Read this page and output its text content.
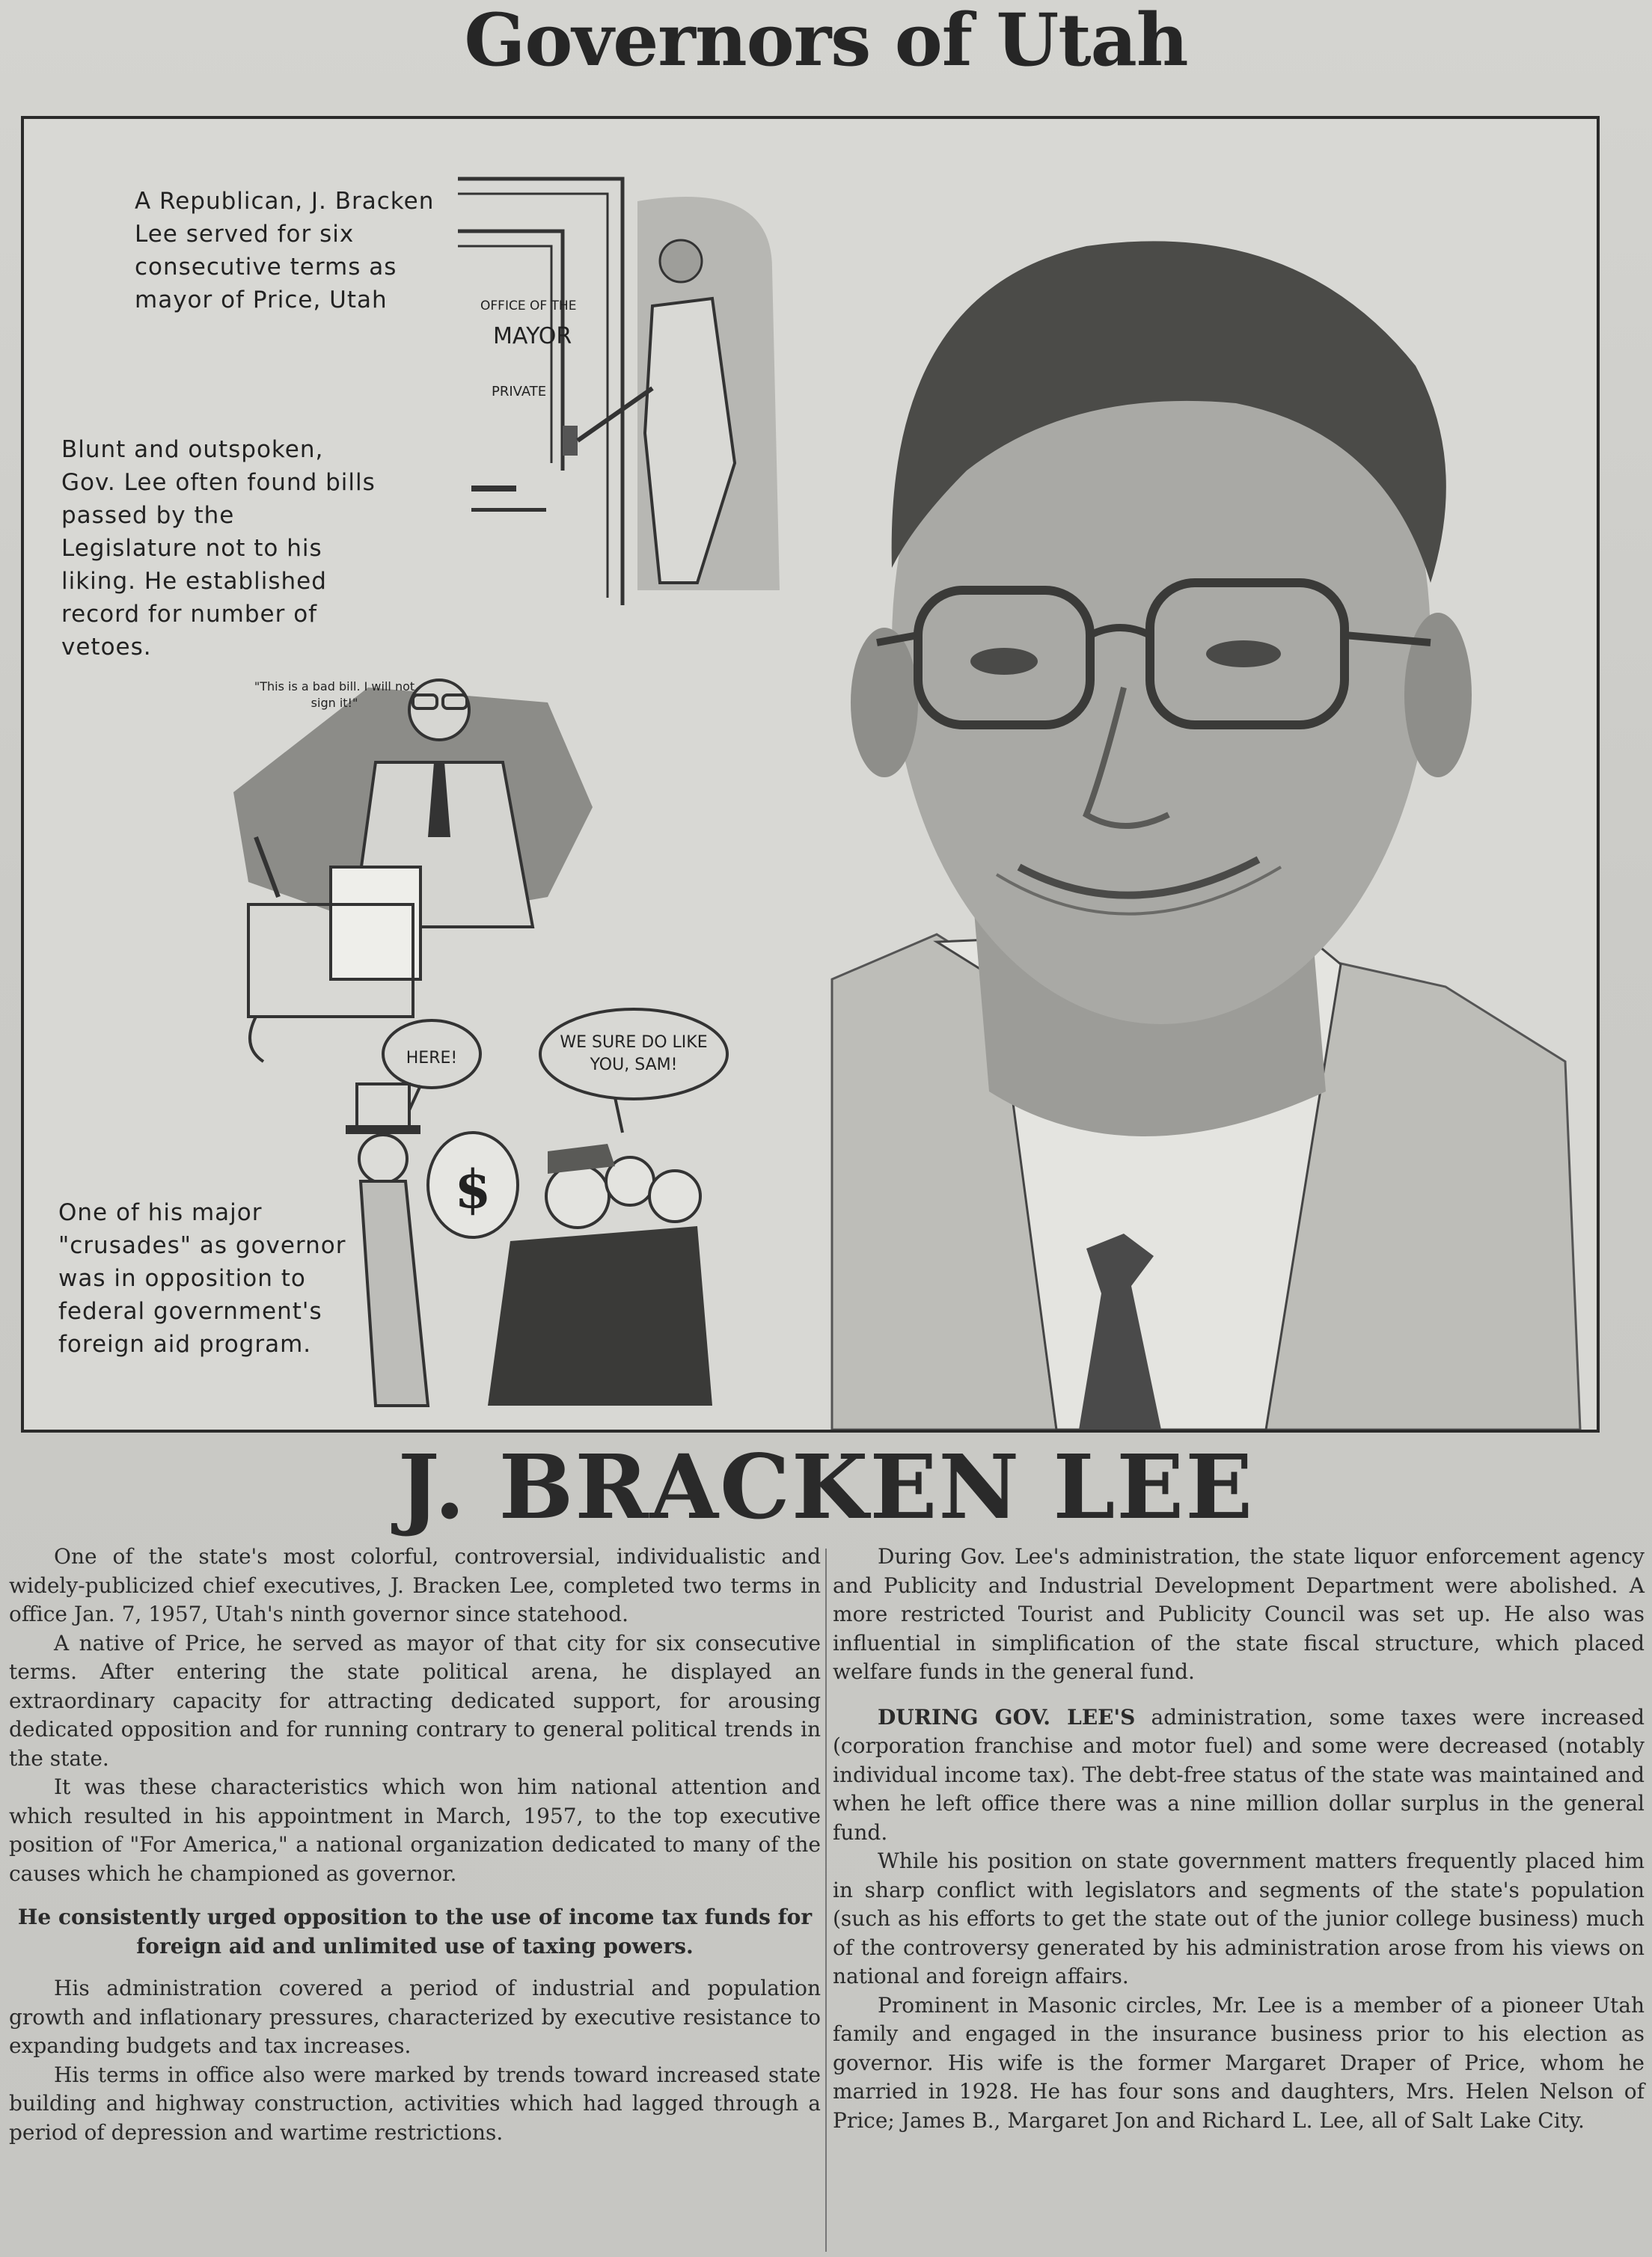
Governors of Utah
OFFICE OF THE
MAYOR
PRIVATE
HERE!
$
A Republican, J. Bracken Lee served for six consecutive terms as mayor of Price, Utah
Blunt and outspoken, Gov. Lee often found bills passed by the Legislature not to his liking. He established record for number of vetoes.
One of his major "crusades" as governor was in opposition to federal government's foreign aid program.
"This is a bad bill. I will not sign it!"
WE SURE DO LIKE YOU, SAM!
J. BRACKEN LEE

One of the state's most colorful, controversial, individualistic and widely-publicized chief executives, J. Bracken Lee, completed two terms in office Jan. 7, 1957, Utah's ninth governor since statehood.

A native of Price, he served as mayor of that city for six consecutive terms. After entering the state political arena, he displayed an extraordinary capacity for attracting dedicated support, for arousing dedicated opposition and for running contrary to general political trends in the state.

It was these characteristics which won him national attention and which resulted in his appointment in March, 1957, to the top executive position of "For America," a national organization dedicated to many of the causes which he championed as governor.

He consistently urged opposition to the use of income tax funds for foreign aid and unlimited use of taxing powers.

His administration covered a period of industrial and population growth and inflationary pressures, characterized by executive resistance to expanding budgets and tax increases.

His terms in office also were marked by trends toward increased state building and highway construction, activities which had lagged through a period of depression and wartime restrictions.

During Gov. Lee's administration, the state liquor enforcement agency and Publicity and Industrial Development Department were abolished. A more restricted Tourist and Publicity Council was set up. He also was influential in simplification of the state fiscal structure, which placed welfare funds in the general fund.

DURING GOV. LEE'S administration, some taxes were increased (corporation franchise and motor fuel) and some were decreased (notably individual income tax). The debt-free status of the state was maintained and when he left office there was a nine million dollar surplus in the general fund.

While his position on state government matters frequently placed him in sharp conflict with legislators and segments of the state's population (such as his efforts to get the state out of the junior college business) much of the controversy generated by his administration arose from his views on national and foreign affairs.

Prominent in Masonic circles, Mr. Lee is a member of a pioneer Utah family and engaged in the insurance business prior to his election as governor. His wife is the former Margaret Draper of Price, whom he married in 1928. He has four sons and daughters, Mrs. Helen Nelson of Price; James B., Margaret Jon and Richard L. Lee, all of Salt Lake City.
